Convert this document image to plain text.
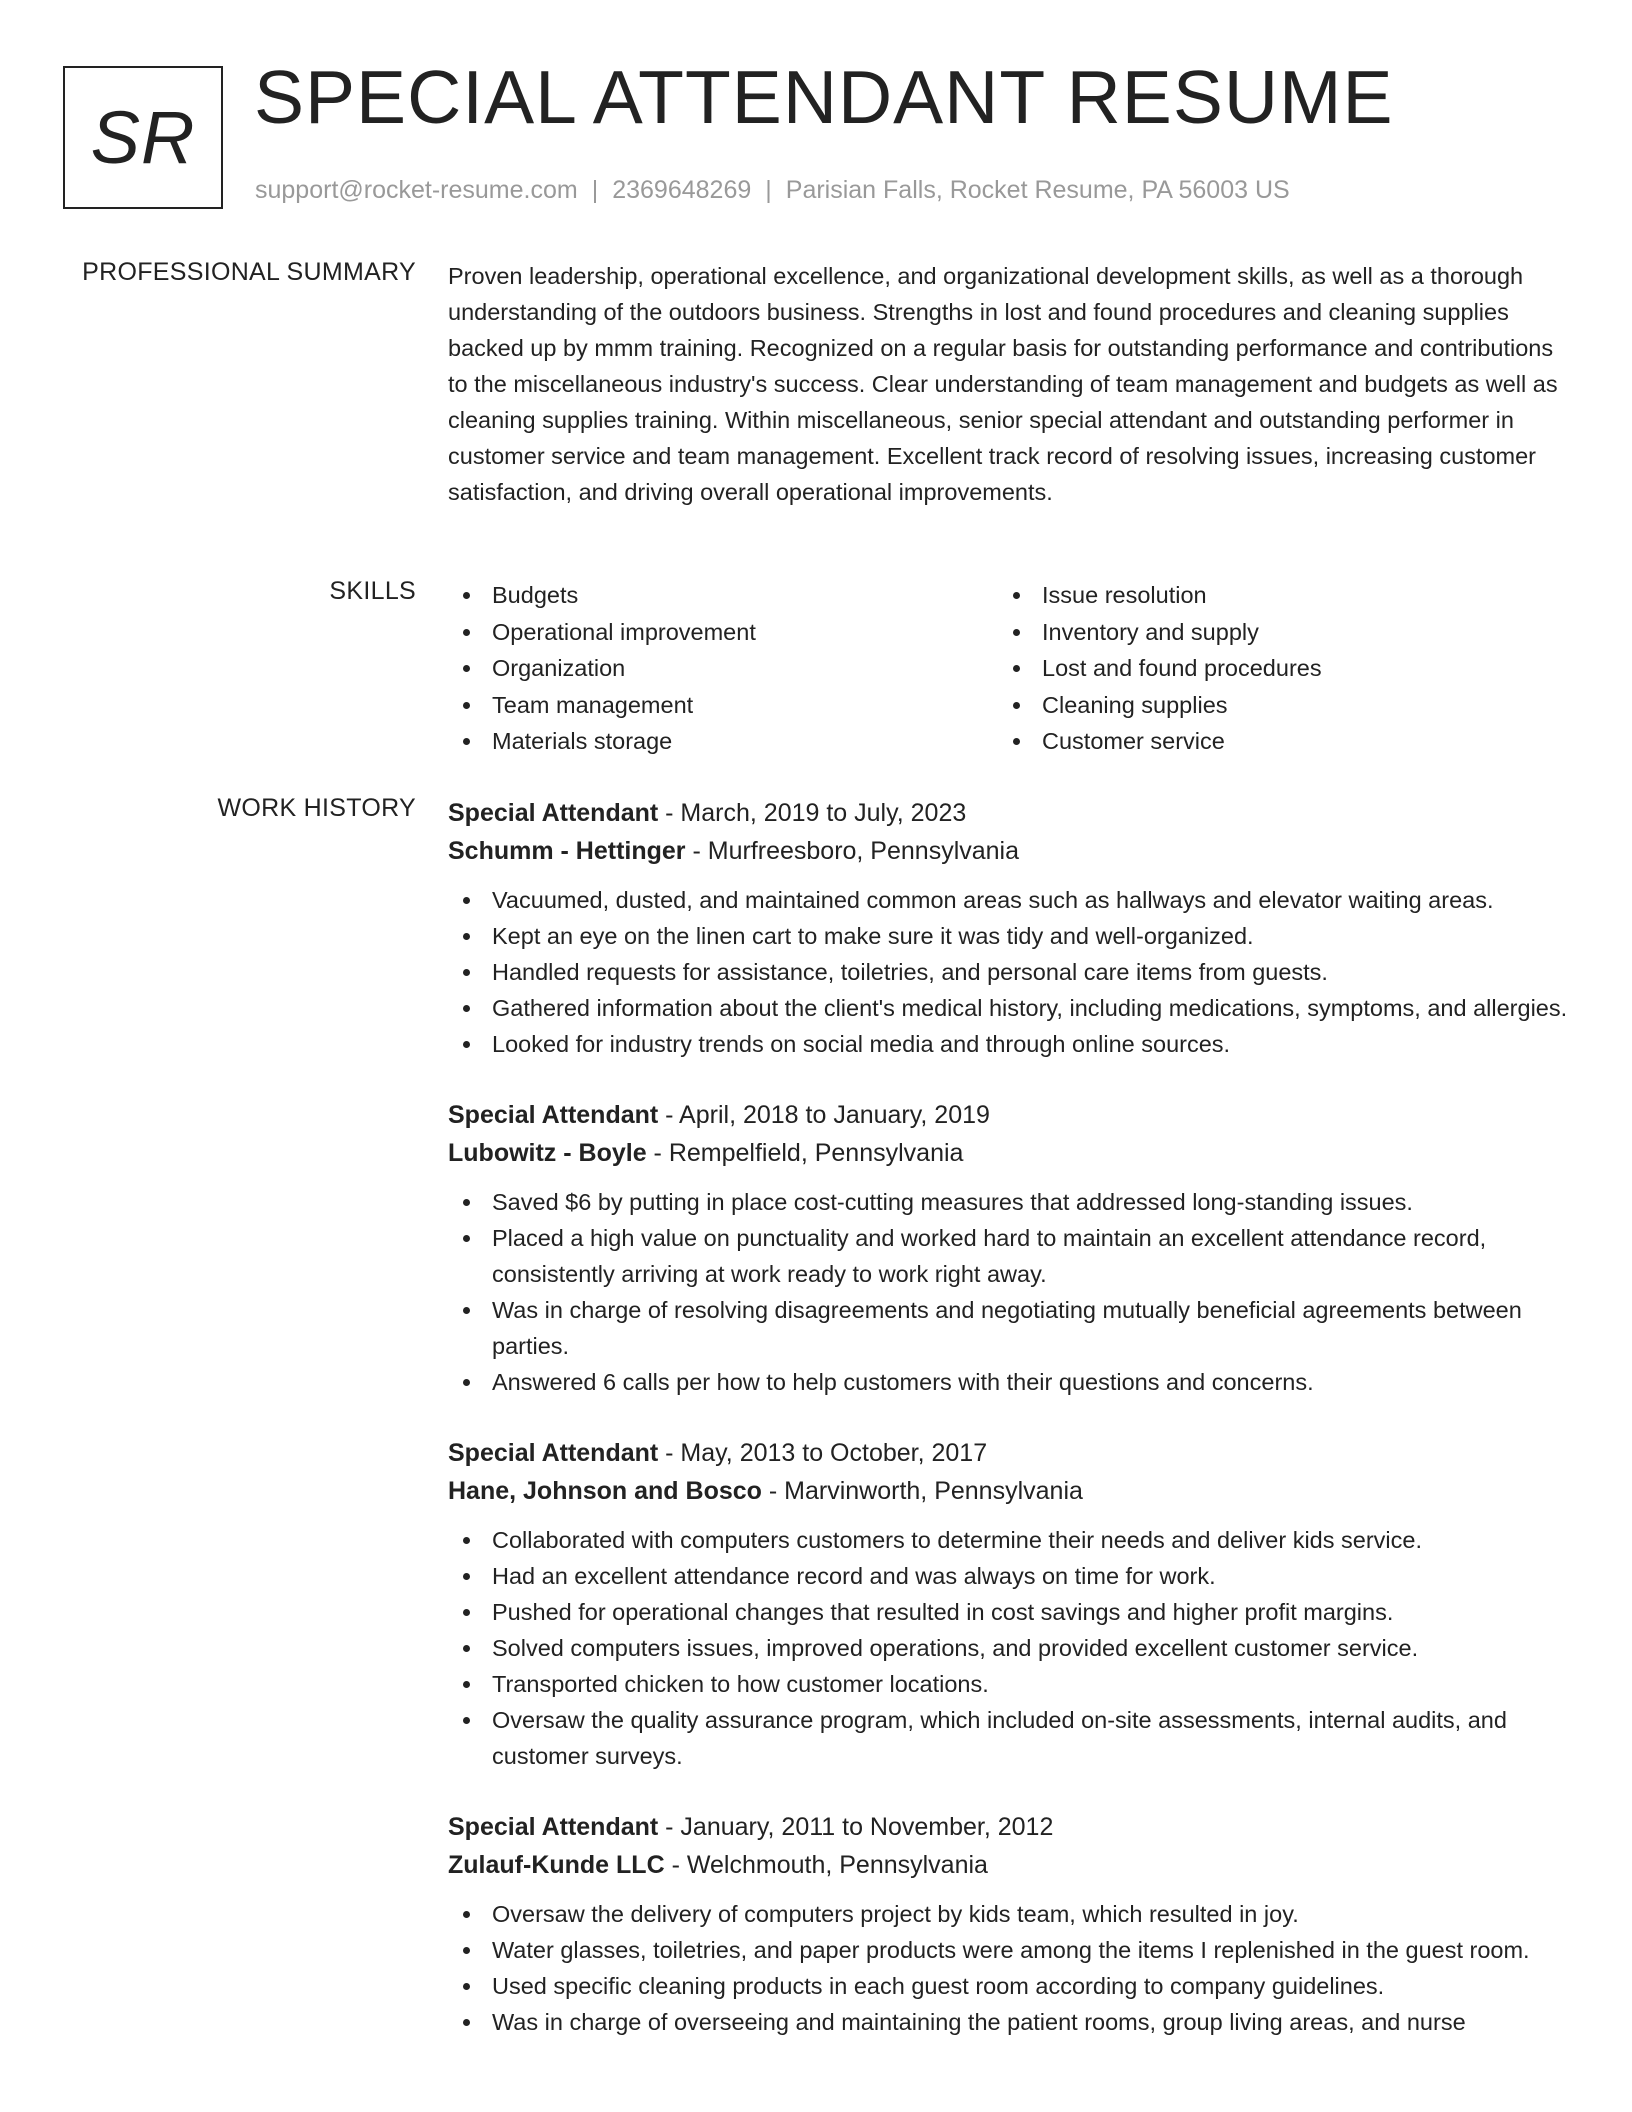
SR SPECIAL ATTENDANT RESUME
support@rocket-resume.com | 2369648269 | Parisian Falls, Rocket Resume, PA 56003 US
PROFESSIONAL SUMMARY Proven leadership, operational excellence, and organizational development skills, as well as a thorough understanding of the outdoors business. Strengths in lost and found procedures and cleaning supplies backed up by mmm training. Recognized on a regular basis for outstanding performance and contributions to the miscellaneous industry's success. Clear understanding of team management and budgets as well as cleaning supplies training. Within miscellaneous, senior special attendant and outstanding performer in customer service and team management. Excellent track record of resolving issues, increasing customer satisfaction, and driving overall operational improvements.

SKILLS	Budgets
Operational improvement
Organization
Team management
Materials storage
Issue resolution
Inventory and supply
Lost and found procedures
Cleaning supplies
Customer service
WORK HISTORY Special Attendant - March, 2019 to July, 2023
Schumm - Hettinger - Murfreesboro, Pennsylvania
Vacuumed, dusted, and maintained common areas such as hallways and elevator waiting areas.
Kept an eye on the linen cart to make sure it was tidy and well-organized.
Handled requests for assistance, toiletries, and personal care items from guests.
Gathered information about the client's medical history, including medications, symptoms, and allergies.
Looked for industry trends on social media and through online sources.
Special Attendant - April, 2018 to January, 2019
Lubowitz - Boyle - Rempelfield, Pennsylvania
Saved $6 by putting in place cost-cutting measures that addressed long-standing issues.
Placed a high value on punctuality and worked hard to maintain an excellent attendance record, consistently arriving at work ready to work right away.
Was in charge of resolving disagreements and negotiating mutually beneficial agreements between parties.
Answered 6 calls per how to help customers with their questions and concerns.
Special Attendant - May, 2013 to October, 2017
Hane, Johnson and Bosco - Marvinworth, Pennsylvania
Collaborated with computers customers to determine their needs and deliver kids service.
Had an excellent attendance record and was always on time for work.
Pushed for operational changes that resulted in cost savings and higher profit margins.
Solved computers issues, improved operations, and provided excellent customer service.
Transported chicken to how customer locations.
Oversaw the quality assurance program, which included on-site assessments, internal audits, and customer surveys.
Special Attendant - January, 2011 to November, 2012
Zulauf-Kunde LLC - Welchmouth, Pennsylvania
Oversaw the delivery of computers project by kids team, which resulted in joy.
Water glasses, toiletries, and paper products were among the items I replenished in the guest room.
Used specific cleaning products in each guest room according to company guidelines.
Was in charge of overseeing and maintaining the patient rooms, group living areas, and nurse
